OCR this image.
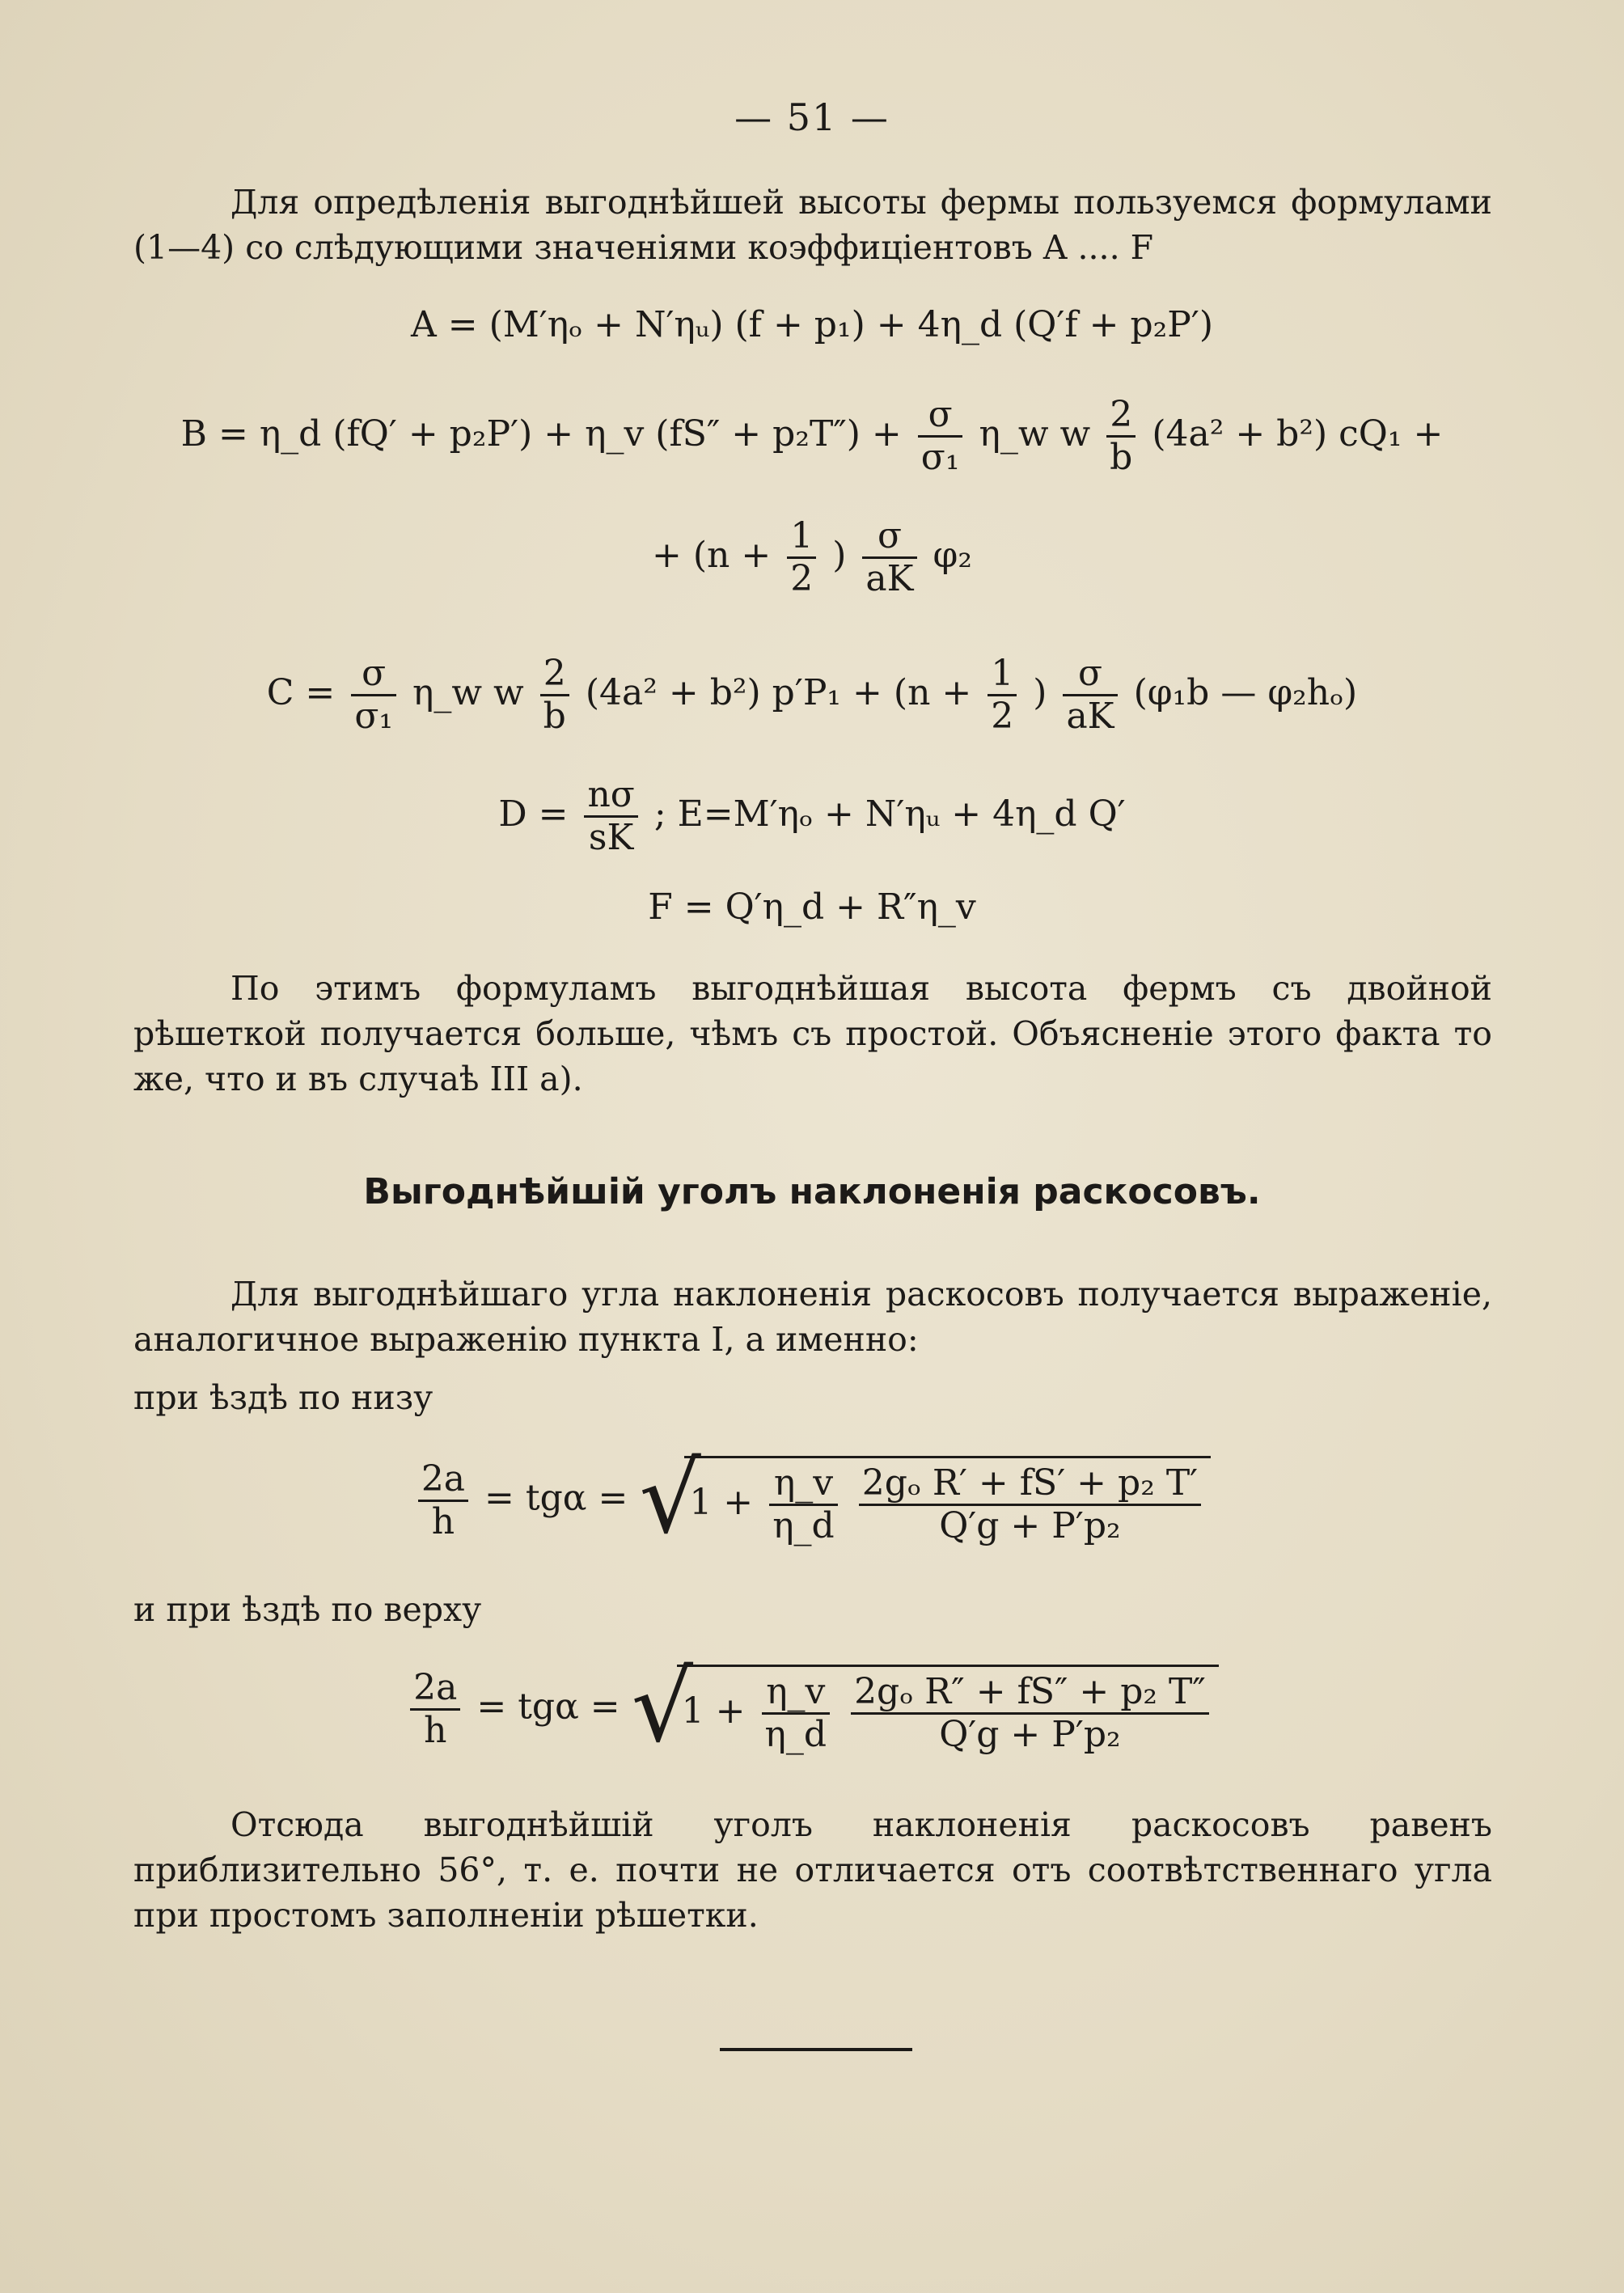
— 51 —
Для опредѣленія выгоднѣйшей высоты фермы пользуемся формулами (1—4) со слѣдующими значеніями коэффиціентовъ A .... F
A = (M′ηₒ + N′ηᵤ) (f + p₁) + 4η_d (Q′f + p₂P′)
B = η_d (fQ′ + p₂P′) + η_v $(fS'' + p_2T'') + \frac{\sigma}{\text{σ₁}}$ η_w w $\frac{2}{b} (4a^2 + b^2) cQ_1$ +
+ ($n + \frac{1}{2}$ ) $\frac{\sigma}{aK} \varphi_2$
$C = \frac{\sigma}{\text{σ₁}}$ η_w w $\frac{2}{b} (4a^2 + b^2) p'P_1 + (n + \frac{1}{2}$ ) $\frac{\sigma}{aK} (\varphi_1b$ — φ₂hₒ)
$D = \frac{n\sigma}{sK}$ ; E=M′ηₒ + N′ηᵤ + 4η_d Q′
F = Q′η_d + R″η_v
По этимъ формуламъ выгоднѣйшая высота фермъ съ двойной рѣшеткой получается больше, чѣмъ съ простой. Объясненіе этого факта то же, что и въ случаѣ III a).
Выгоднѣйшій уголъ наклоненія раскосовъ.
Для выгоднѣйшаго угла наклоненія раскосовъ получается выраженіе, аналогичное выраженію пункта I, а именно:
при ѣздѣ по низу
$\frac{2a}{h} = tg\alpha$ = √
$1 + \frac{\eta\_v}{\eta\_d}$
$\frac{\text{2gₒ R′ + fS′ + p₂ T′}}{\text{Q′g + P′p₂}}$
и при ѣздѣ по верху
$\frac{2a}{h} = tg\alpha$ = √
$1 + \frac{\eta\_v}{\eta\_d}$
$\frac{\text{2gₒ R″ + fS″ + p₂ T″}}{\text{Q′g + P′p₂}}$
Отсюда выгоднѣйшій уголъ наклоненія раскосовъ равенъ приблизительно 56°, т. е. почти не отличается отъ соотвѣтственнаго угла при простомъ заполненіи рѣшетки.
